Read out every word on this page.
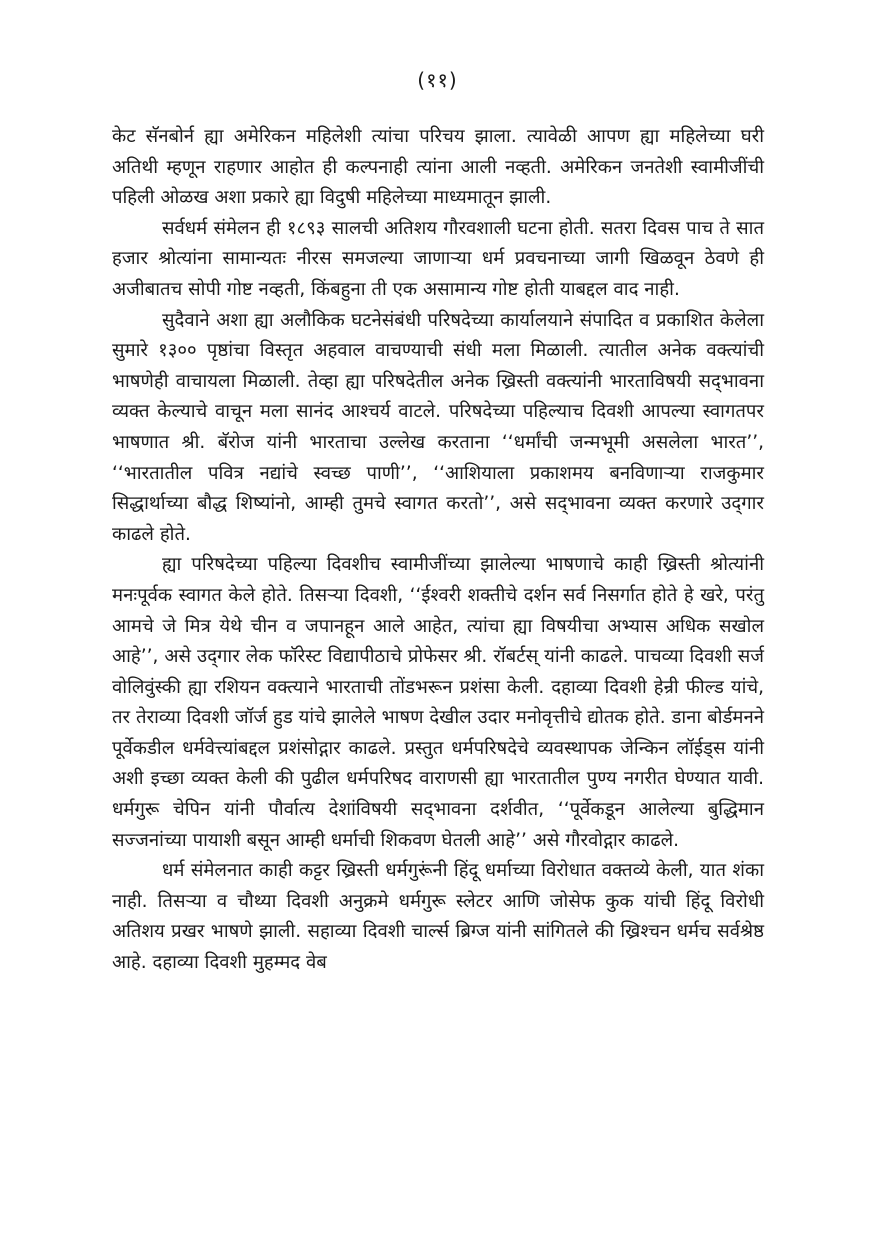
(११)

केट सॅनबोर्न ह्या अमेरिकन महिलेशी त्यांचा परिचय झाला. त्यावेळी आपण ह्या महिलेच्या घरी अतिथी म्हणून राहणार आहोत ही कल्पनाही त्यांना आली नव्हती. अमेरिकन जनतेशी स्वामीजींची पहिली ओळख अशा प्रकारे ह्या विदुषी महिलेच्या माध्यमातून झाली.

सर्वधर्म संमेलन ही १८९३ सालची अतिशय गौरवशाली घटना होती. सतरा दिवस पाच ते सात हजार श्रोत्यांना सामान्यतः नीरस समजल्या जाणाऱ्या धर्म प्रवचनाच्या जागी खिळवून ठेवणे ही अजीबातच सोपी गोष्ट नव्हती, किंबहुना ती एक असामान्य गोष्ट होती याबद्दल वाद नाही.

सुदैवाने अशा ह्या अलौकिक घटनेसंबंधी परिषदेच्या कार्यालयाने संपादित व प्रकाशित केलेला सुमारे १३०० पृष्ठांचा विस्तृत अहवाल वाचण्याची संधी मला मिळाली. त्यातील अनेक वक्त्यांची भाषणेही वाचायला मिळाली. तेव्हा ह्या परिषदेतील अनेक ख्रिस्ती वक्त्यांनी भारताविषयी सद्‌भावना व्यक्त केल्याचे वाचून मला सानंद आश्चर्य वाटले. परिषदेच्या पहिल्याच दिवशी आपल्या स्वागतपर भाषणात श्री. बॅरोज यांनी भारताचा उल्लेख करताना ‘‘धर्मांची जन्मभूमी असलेला भारत’’, ‘‘भारतातील पवित्र नद्यांचे स्वच्छ पाणी’’, ‘‘आशियाला प्रकाशमय बनविणाऱ्या राजकुमार सिद्धार्थाच्या बौद्ध शिष्यांनो, आम्ही तुमचे स्वागत करतो’’, असे सद्‌भावना व्यक्त करणारे उद्‌गार काढले होते.

ह्या परिषदेच्या पहिल्या दिवशीच स्वामीजींच्या झालेल्या भाषणाचे काही ख्रिस्ती श्रोत्यांनी मनःपूर्वक स्वागत केले होते. तिसऱ्या दिवशी, ‘‘ईश्वरी शक्तीचे दर्शन सर्व निसर्गात होते हे खरे, परंतु आमचे जे मित्र येथे चीन व जपानहून आले आहेत, त्यांचा ह्या विषयीचा अभ्यास अधिक सखोल आहे’’, असे उद्‌गार लेक फॉरेस्ट विद्यापीठाचे प्रोफेसर श्री. रॉबर्टस्‌ यांनी काढले. पाचव्या दिवशी सर्ज वोलिवुंस्की ह्या रशियन वक्त्याने भारताची तोंडभरून प्रशंसा केली. दहाव्या दिवशी हेन्री फील्ड यांचे, तर तेराव्या दिवशी जॉर्ज हुड यांचे झालेले भाषण देखील उदार मनोवृत्तीचे द्योतक होते. डाना बोर्डमनने पूर्वेकडील धर्मवेत्त्यांबद्दल प्रशंसोद्गार काढले. प्रस्तुत धर्मपरिषदेचे व्यवस्थापक जेन्किन लॉईड्स यांनी अशी इच्छा व्यक्त केली की पुढील धर्मपरिषद वाराणसी ह्या भारतातील पुण्य नगरीत घेण्यात यावी. धर्मगुरू चेपिन यांनी पौर्वात्य देशांविषयी सद्‌भावना दर्शवीत, ‘‘पूर्वेकडून आलेल्या बुद्धिमान सज्जनांच्या पायाशी बसून आम्ही धर्माची शिकवण घेतली आहे’’ असे गौरवोद्गार काढले.

धर्म संमेलनात काही कट्टर ख्रिस्ती धर्मगुरूंनी हिंदू धर्माच्या विरोधात वक्तव्ये केली, यात शंका नाही. तिसऱ्या व चौथ्या दिवशी अनुक्रमे धर्मगुरू स्लेटर आणि जोसेफ कुक यांची हिंदू विरोधी अतिशय प्रखर भाषणे झाली. सहाव्या दिवशी चार्ल्स ब्रिग्ज यांनी सांगितले की ख्रिश्चन धर्मच सर्वश्रेष्ठ आहे. दहाव्या दिवशी मुहम्मद वेब
